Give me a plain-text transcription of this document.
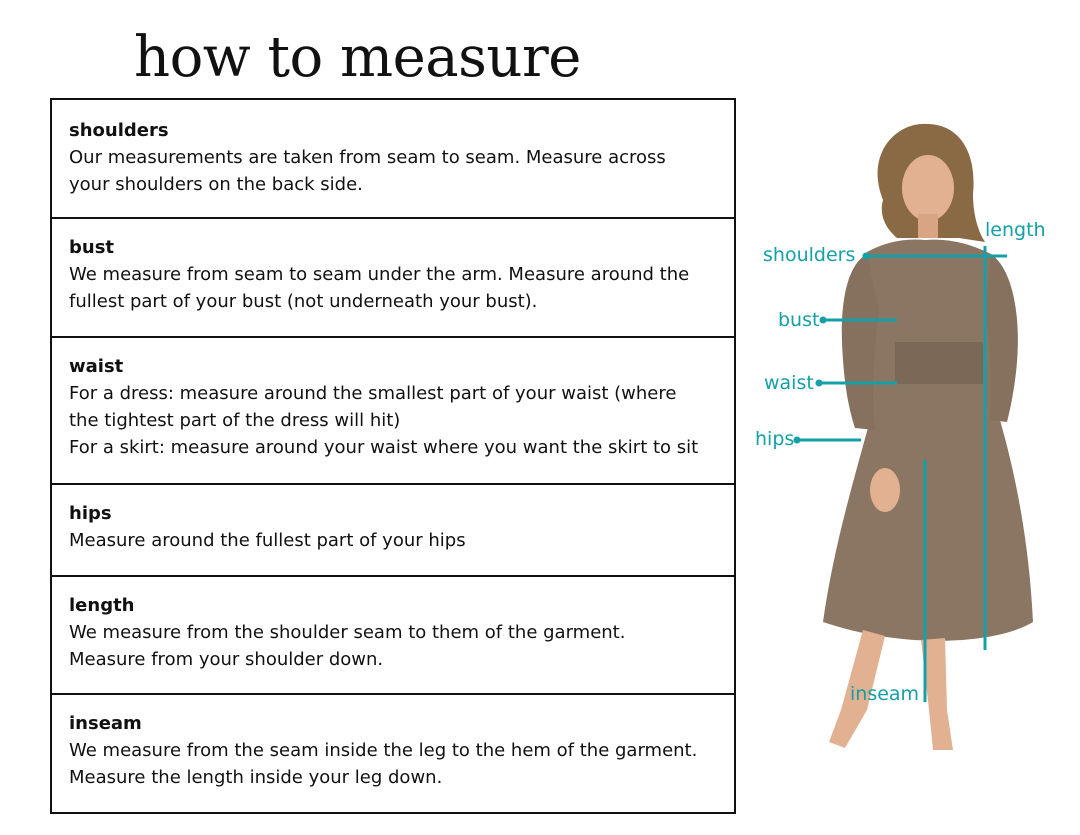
how to measure

shoulders

Our measurements are taken from seam to seam. Measure across
your shoulders on the back side.

bust

We measure from seam to seam under the arm. Measure around the
fullest part of your bust (not underneath your bust).

waist

For a dress: measure around the smallest part of your waist (where
the tightest part of the dress will hit)
For a skirt: measure around your waist where you want the skirt to sit

hips

Measure around the fullest part of your hips

length

We measure from the shoulder seam to them of the garment.
Measure from your shoulder down.

inseam

We measure from the seam inside the leg to the hem of the garment.
Measure the length inside your leg down.

shoulders
length
bust
waist
hips
inseam
